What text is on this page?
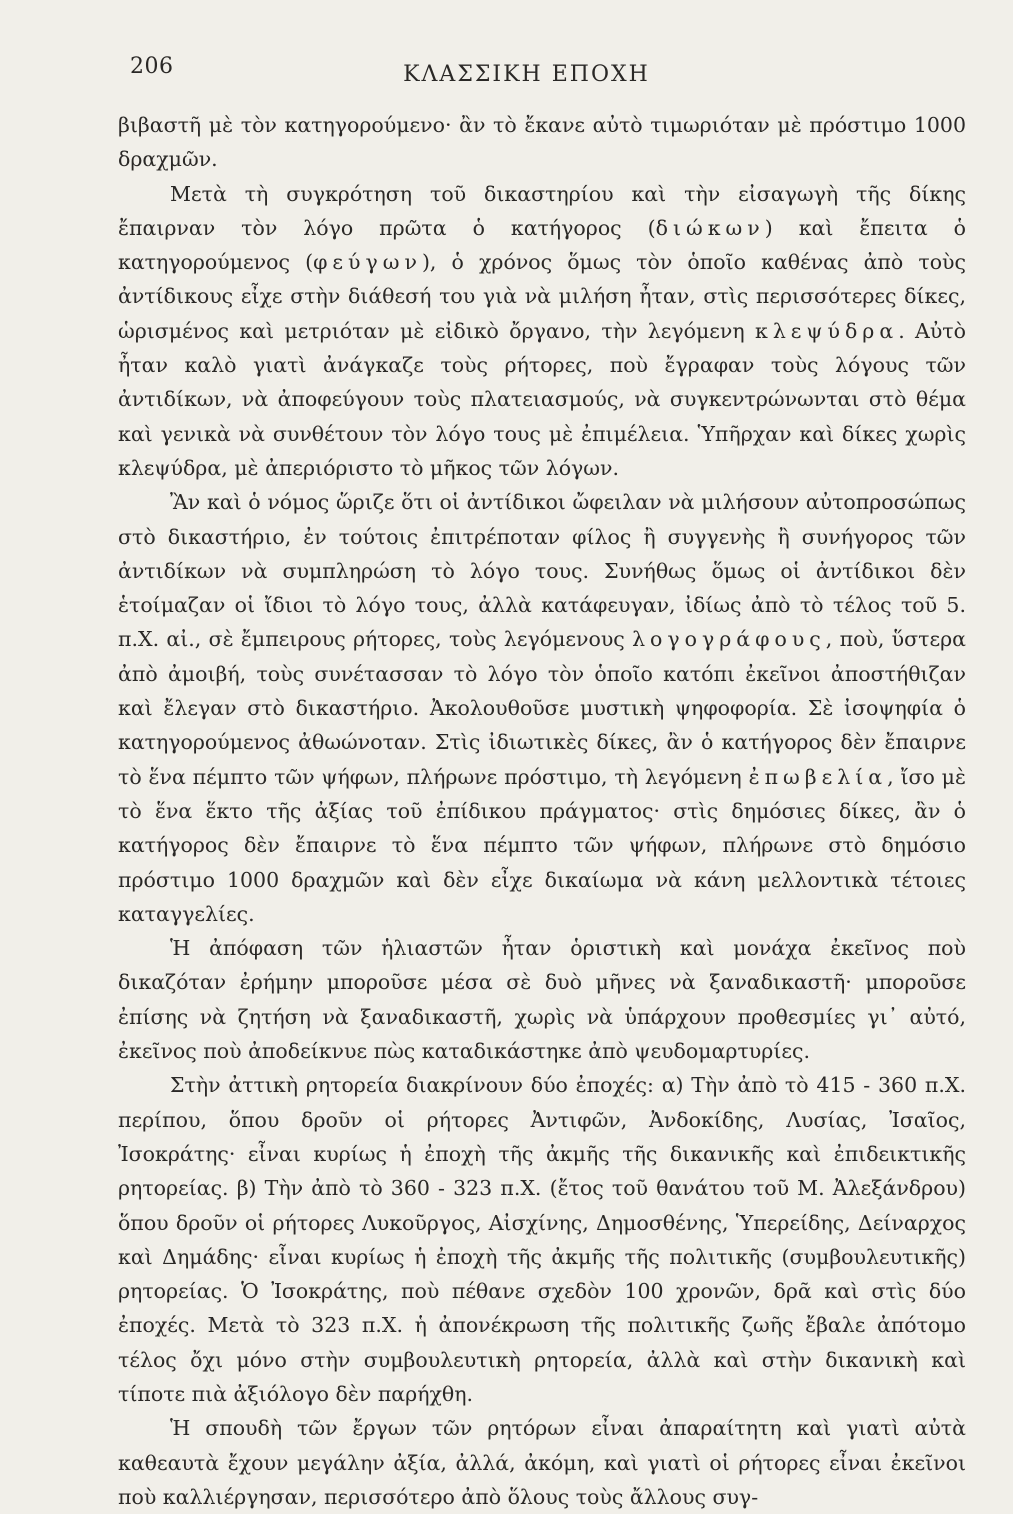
206	ΚΛΑΣΣΙΚΗ ΕΠΟΧΗ

βιβαστῆ μὲ τὸν κατηγορούμενο· ἂν τὸ ἔκανε αὐτὸ τιμωριόταν μὲ πρόστιμο 1000 δραχμῶν.

Μετὰ τὴ συγκρότηση τοῦ δικαστηρίου καὶ τὴν εἰσαγωγὴ τῆς δίκης ἔπαιρναν τὸν λόγο πρῶτα ὁ κατήγορος (διώκων) καὶ ἔπειτα ὁ κατηγορούμενος (φεύγων), ὁ χρόνος ὅμως τὸν ὁποῖο καθένας ἀπὸ τοὺς ἀντίδικους εἶχε στὴν διάθεσή του γιὰ νὰ μιλήση ἦταν, στὶς περισσότερες δίκες, ὡρισμένος καὶ μετριόταν μὲ εἰδικὸ ὄργανο, τὴν λεγόμενη κλεψύδρα. Αὐτὸ ἦταν καλὸ γιατὶ ἀνάγκαζε τοὺς ρήτορες, ποὺ ἔγραφαν τοὺς λόγους τῶν ἀντιδίκων, νὰ ἀποφεύγουν τοὺς πλατειασμούς, νὰ συγκεντρώνωνται στὸ θέμα καὶ γενικὰ νὰ συνθέτουν τὸν λόγο τους μὲ ἐπιμέλεια. Ὑπῆρχαν καὶ δίκες χωρὶς κλεψύδρα, μὲ ἀπεριόριστο τὸ μῆκος τῶν λόγων.

Ἂν καὶ ὁ νόμος ὥριζε ὅτι οἱ ἀντίδικοι ὤφειλαν νὰ μιλήσουν αὐτοπροσώπως στὸ δικαστήριο, ἐν τούτοις ἐπιτρέποταν φίλος ἢ συγγενὴς ἢ συνήγορος τῶν ἀντιδίκων νὰ συμπληρώση τὸ λόγο τους. Συνήθως ὅμως οἱ ἀντίδικοι δὲν ἑτοίμαζαν οἱ ἴδιοι τὸ λόγο τους, ἀλλὰ κατάφευγαν, ἰδίως ἀπὸ τὸ τέλος τοῦ 5. π.Χ. αἰ., σὲ ἔμπειρους ρήτορες, τοὺς λεγόμενους λογογράφους, ποὺ, ὕστερα ἀπὸ ἀμοιβή, τοὺς συνέτασσαν τὸ λόγο τὸν ὁποῖο κατόπι ἐκεῖνοι ἀποστήθιζαν καὶ ἔλεγαν στὸ δικαστήριο. Ἀκολουθοῦσε μυστικὴ ψηφοφορία. Σὲ ἰσοψηφία ὁ κατηγορούμενος ἀθωώνοταν. Στὶς ἰδιωτικὲς δίκες, ἂν ὁ κατήγορος δὲν ἔπαιρνε τὸ ἕνα πέμπτο τῶν ψήφων, πλήρωνε πρόστιμο, τὴ λεγόμενη ἐπωβελία, ἴσο μὲ τὸ ἕνα ἕκτο τῆς ἀξίας τοῦ ἐπίδικου πράγματος· στὶς δημόσιες δίκες, ἂν ὁ κατήγορος δὲν ἔπαιρνε τὸ ἕνα πέμπτο τῶν ψήφων, πλήρωνε στὸ δημόσιο πρόστιμο 1000 δραχμῶν καὶ δὲν εἶχε δικαίωμα νὰ κάνη μελλοντικὰ τέτοιες καταγγελίες.

Ἡ ἀπόφαση τῶν ἡλιαστῶν ἦταν ὁριστικὴ καὶ μονάχα ἐκεῖνος ποὺ δικαζόταν ἐρήμην μποροῦσε μέσα σὲ δυὸ μῆνες νὰ ξαναδικαστῆ· μποροῦσε ἐπίσης νὰ ζητήση νὰ ξαναδικαστῆ, χωρὶς νὰ ὑπάρχουν προθεσμίες γι᾽ αὐτό, ἐκεῖνος ποὺ ἀποδείκνυε πὼς καταδικάστηκε ἀπὸ ψευδομαρτυρίες.

Στὴν ἀττικὴ ρητορεία διακρίνουν δύο ἐποχές: α) Τὴν ἀπὸ τὸ 415 - 360 π.Χ. περίπου, ὅπου δροῦν οἱ ρήτορες Ἀντιφῶν, Ἀνδοκίδης, Λυσίας, Ἰσαῖος, Ἰσοκράτης· εἶναι κυρίως ἡ ἐποχὴ τῆς ἀκμῆς τῆς δικανικῆς καὶ ἐπιδεικτικῆς ρητορείας. β) Τὴν ἀπὸ τὸ 360 - 323 π.Χ. (ἔτος τοῦ θανάτου τοῦ Μ. Ἀλεξάνδρου) ὅπου δροῦν οἱ ρήτορες Λυκοῦργος, Αἰσχίνης, Δημοσθένης, Ὑπερείδης, Δείναρχος καὶ Δημάδης· εἶναι κυρίως ἡ ἐποχὴ τῆς ἀκμῆς τῆς πολιτικῆς (συμβουλευτικῆς) ρητορείας. Ὁ Ἰσοκράτης, ποὺ πέθανε σχεδὸν 100 χρονῶν, δρᾶ καὶ στὶς δύο ἐποχές. Μετὰ τὸ 323 π.Χ. ἡ ἀπονέκρωση τῆς πολιτικῆς ζωῆς ἔβαλε ἀπότομο τέλος ὄχι μόνο στὴν συμβουλευτικὴ ρητορεία, ἀλλὰ καὶ στὴν δικανικὴ καὶ τίποτε πιὰ ἀξιόλογο δὲν παρήχθη.

Ἡ σπουδὴ τῶν ἔργων τῶν ρητόρων εἶναι ἀπαραίτητη καὶ γιατὶ αὐτὰ καθεαυτὰ ἔχουν μεγάλην ἀξία, ἀλλά, ἀκόμη, καὶ γιατὶ οἱ ρήτορες εἶναι ἐκεῖνοι ποὺ καλλιέργησαν, περισσότερο ἀπὸ ὅλους τοὺς ἄλλους συγ-
